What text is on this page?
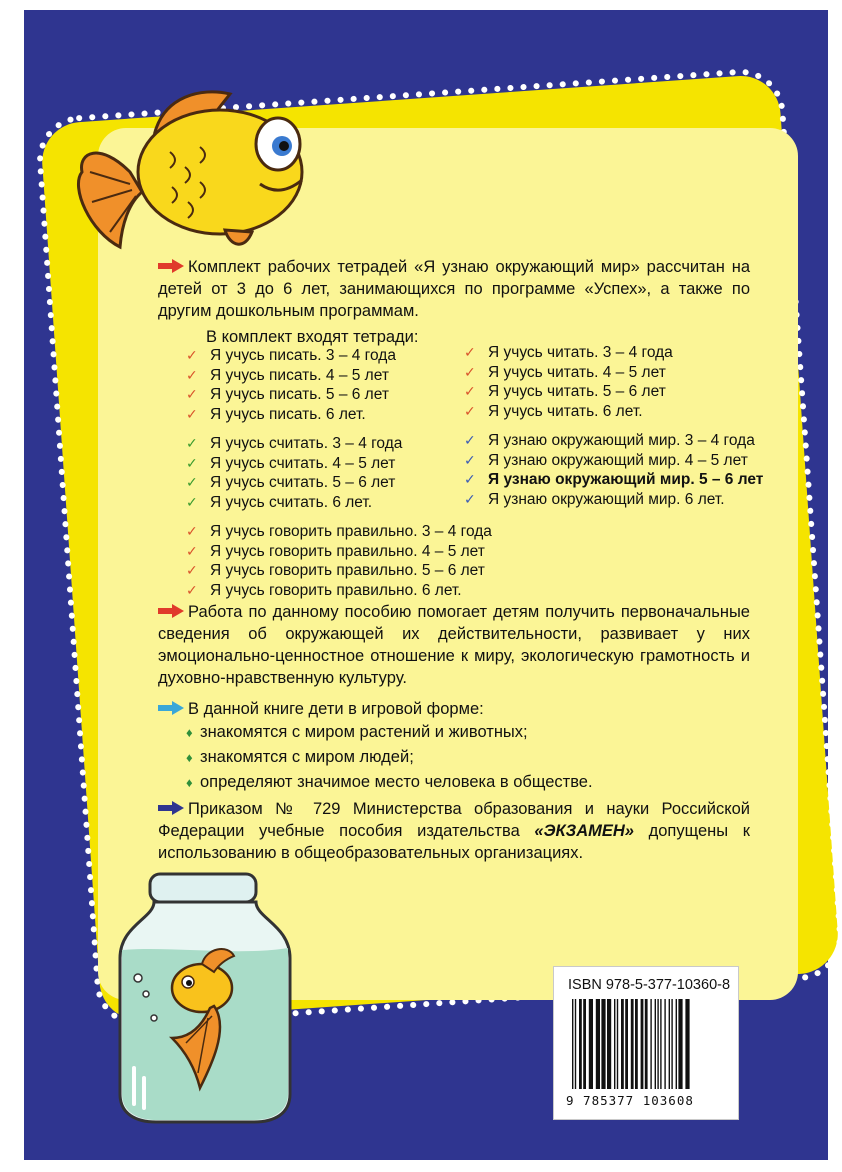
Комплект рабочих тетрадей «Я узнаю окружающий мир» рассчитан на детей от 3 до 6 лет, занимающихся по программе «Успех», а также по другим дошкольным программам.
В комплект входят тетради:
✓ Я учусь писать. 3 – 4 года
✓ Я учусь писать. 4 – 5 лет
✓ Я учусь писать. 5 – 6 лет
✓ Я учусь писать. 6 лет.
✓ Я учусь считать. 3 – 4 года
✓ Я учусь считать. 4 – 5 лет
✓ Я учусь считать. 5 – 6 лет
✓ Я учусь считать. 6 лет.
✓ Я учусь говорить правильно. 3 – 4 года
✓ Я учусь говорить правильно. 4 – 5 лет
✓ Я учусь говорить правильно. 5 – 6 лет
✓ Я учусь говорить правильно. 6 лет.
✓ Я учусь читать. 3 – 4 года
✓ Я учусь читать. 4 – 5 лет
✓ Я учусь читать. 5 – 6 лет
✓ Я учусь читать. 6 лет.
✓ Я узнаю окружающий мир. 3 – 4 года
✓ Я узнаю окружающий мир. 4 – 5 лет
✓ Я узнаю окружающий мир. 5 – 6 лет
✓ Я узнаю окружающий мир. 6 лет.
Работа по данному пособию помогает детям получить первоначальные сведения об окружающей их действительности, развивает у них эмоционально-ценностное отношение к миру, экологическую грамотность и духовно-нравственную культуру.
В данной книге дети в игровой форме:
♦ знакомятся с миром растений и животных;
♦ знакомятся с миром людей;
♦ определяют значимое место человека в обществе.
Приказом № 729 Министерства образования и науки Российской Федерации учебные пособия издательства «ЭКЗАМЕН» допущены к использованию в общеобразовательных организациях.
ISBN 978-5-377-10360-8
9 785377 103608
